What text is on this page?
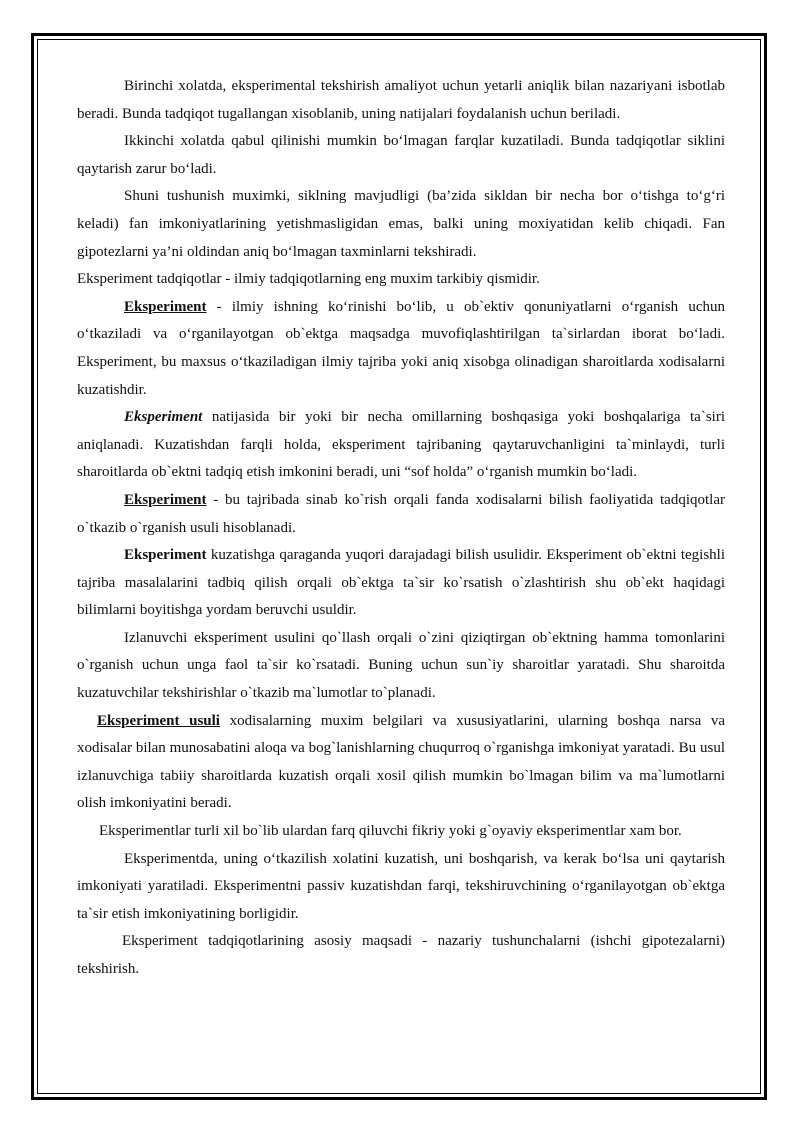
Birinchi xolatda, eksperimental tekshirish amaliyot uchun yetarli aniqlik bilan nazariyani isbotlab beradi. Bunda tadqiqot tugallangan xisoblanib, uning natijalari foydalanish uchun beriladi.

Ikkinchi xolatda qabul qilinishi mumkin boʻlmagan farqlar kuzatiladi. Bunda tadqiqotlar siklini qaytarish zarur boʻladi.

Shuni tushunish muximki, siklning mavjudligi (ba’zida sikldan bir necha bor oʻtishga toʻgʻri keladi) fan imkoniyatlarining yetishmasligidan emas, balki uning moxiyatidan kelib chiqadi. Fan gipotezlarni ya’ni oldindan aniq boʻlmagan taxminlarni tekshiradi.

Eksperiment tadqiqotlar - ilmiy tadqiqotlarning eng muxim tarkibiy qismidir.

Eksperiment - ilmiy ishning koʻrinishi boʻlib, u ob`ektiv qonuniyatlarni oʻrganish uchun oʻtkaziladi va oʻrganilayotgan ob`ektga maqsadga muvofiqlashtirilgan ta`sirlardan iborat boʻladi. Eksperiment, bu maxsus oʻtkaziladigan ilmiy tajriba yoki aniq xisobga olinadigan sharoitlarda xodisalarni kuzatishdir.

Eksperiment natijasida bir yoki bir necha omillarning boshqasiga yoki boshqalariga ta`siri aniqlanadi. Kuzatishdan farqli holda, eksperiment tajribaning qaytaruvchanligini ta`minlaydi, turli sharoitlarda ob`ektni tadqiq etish imkonini beradi, uni “sof holda” oʻrganish mumkin boʻladi.

Eksperiment - bu tajribada sinab ko`rish orqali fanda xodisalarni bilish faoliyatida tadqiqotlar o`tkazib o`rganish usuli hisoblanadi.

Eksperiment kuzatishga qaraganda yuqori darajadagi bilish usulidir. Eksperiment ob`ektni tegishli tajriba masalalarini tadbiq qilish orqali ob`ektga ta`sir ko`rsatish o`zlashtirish shu ob`ekt haqidagi bilimlarni boyitishga yordam beruvchi usuldir.

Izlanuvchi eksperiment usulini qo`llash orqali o`zini qiziqtirgan ob`ektning hamma tomonlarini o`rganish uchun unga faol ta`sir ko`rsatadi. Buning uchun sun`iy sharoitlar yaratadi. Shu sharoitda kuzatuvchilar tekshirishlar o`tkazib ma`lumotlar to`planadi.

Eksperiment usuli xodisalarning muxim belgilari va xususiyatlarini, ularning boshqa narsa va xodisalar bilan munosabatini aloqa va bog`lanishlarning chuqurroq o`rganishga imkoniyat yaratadi. Bu usul izlanuvchiga tabiiy sharoitlarda kuzatish orqali xosil qilish mumkin bo`lmagan bilim va ma`lumotlarni olish imkoniyatini beradi.

Eksperimentlar turli xil bo`lib ulardan farq qiluvchi fikriy yoki g`oyaviy eksperimentlar xam bor.

Eksperimentda, uning oʻtkazilish xolatini kuzatish, uni boshqarish, va kerak boʻlsa uni qaytarish imkoniyati yaratiladi. Eksperimentni passiv kuzatishdan farqi, tekshiruvchining oʻrganilayotgan ob`ektga ta`sir etish imkoniyatining borligidir.

Eksperiment tadqiqotlarining asosiy maqsadi - nazariy tushunchalarni (ishchi gipotezalarni) tekshirish.
